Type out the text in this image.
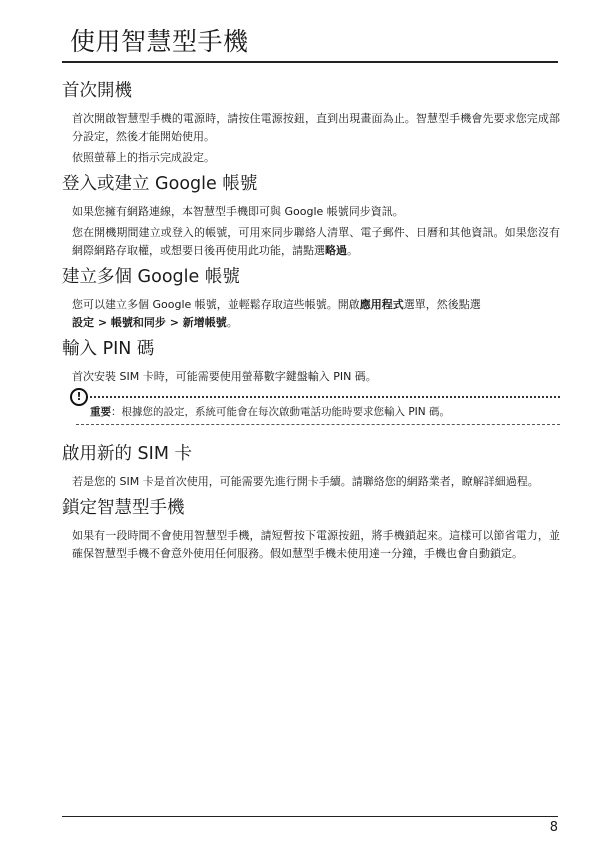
使用智慧型手機
首次開機

首次開啟智慧型手機的電源時，請按住電源按鈕，直到出現畫面為止。智慧型手機會先要求您完成部分設定，然後才能開始使用。

依照螢幕上的指示完成設定。

登入或建立 Google 帳號

如果您擁有網路連線，本智慧型手機即可與 Google 帳號同步資訊。

您在開機期間建立或登入的帳號，可用來同步聯絡人清單、電子郵件、日曆和其他資訊。如果您沒有網際網路存取權，或想要日後再使用此功能，請點選略過。

建立多個 Google 帳號

您可以建立多個 Google 帳號，並輕鬆存取這些帳號。開啟應用程式選單，然後點選
設定 > 帳號和同步 > 新增帳號。

輸入 PIN 碼

首次安裝 SIM 卡時，可能需要使用螢幕數字鍵盤輸入 PIN 碼。

!

重要：根據您的設定，系統可能會在每次啟動電話功能時要求您輸入 PIN 碼。

啟用新的 SIM 卡

若是您的 SIM 卡是首次使用，可能需要先進行開卡手續。請聯絡您的網路業者，瞭解詳細過程。

鎖定智慧型手機

如果有一段時間不會使用智慧型手機，請短暫按下電源按鈕，將手機鎖起來。這樣可以節省電力，並確保智慧型手機不會意外使用任何服務。假如慧型手機未使用達一分鐘，手機也會自動鎖定。

8
